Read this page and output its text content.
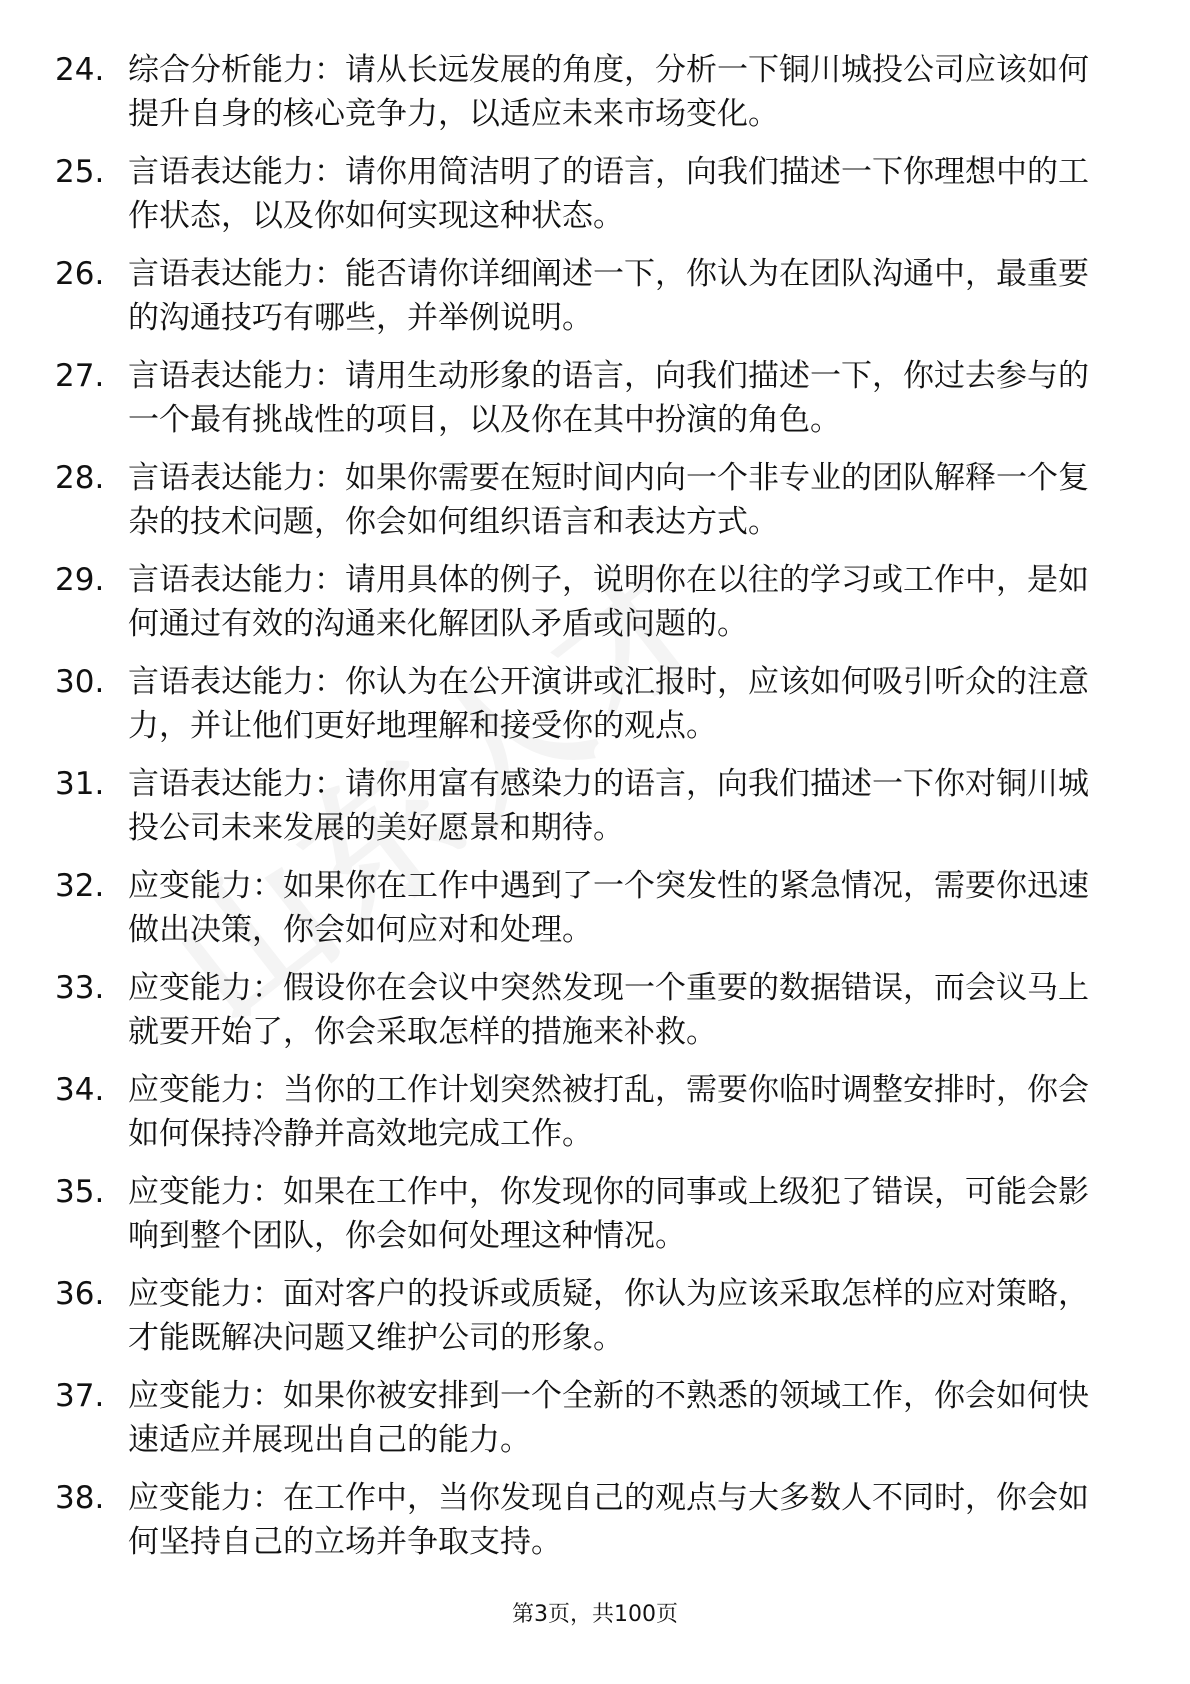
24. 综合分析能力：请从长远发展的角度，分析一下铜川城投公司应该如何提升自身的核心竞争力，以适应未来市场变化。
25. 言语表达能力：请你用简洁明了的语言，向我们描述一下你理想中的工作状态，以及你如何实现这种状态。
26. 言语表达能力：能否请你详细阐述一下，你认为在团队沟通中，最重要的沟通技巧有哪些，并举例说明。
27. 言语表达能力：请用生动形象的语言，向我们描述一下，你过去参与的一个最有挑战性的项目，以及你在其中扮演的角色。
28. 言语表达能力：如果你需要在短时间内向一个非专业的团队解释一个复杂的技术问题，你会如何组织语言和表达方式。
29. 言语表达能力：请用具体的例子，说明你在以往的学习或工作中，是如何通过有效的沟通来化解团队矛盾或问题的。
30. 言语表达能力：你认为在公开演讲或汇报时，应该如何吸引听众的注意力，并让他们更好地理解和接受你的观点。
31. 言语表达能力：请你用富有感染力的语言，向我们描述一下你对铜川城投公司未来发展的美好愿景和期待。
32. 应变能力：如果你在工作中遇到了一个突发性的紧急情况，需要你迅速做出决策，你会如何应对和处理。
33. 应变能力：假设你在会议中突然发现一个重要的数据错误，而会议马上就要开始了，你会采取怎样的措施来补救。
34. 应变能力：当你的工作计划突然被打乱，需要你临时调整安排时，你会如何保持冷静并高效地完成工作。
35. 应变能力：如果在工作中，你发现你的同事或上级犯了错误，可能会影响到整个团队，你会如何处理这种情况。
36. 应变能力：面对客户的投诉或质疑，你认为应该采取怎样的应对策略，才能既解决问题又维护公司的形象。
37. 应变能力：如果你被安排到一个全新的不熟悉的领域工作，你会如何快速适应并展现出自己的能力。
38. 应变能力：在工作中，当你发现自己的观点与大多数人不同时，你会如何坚持自己的立场并争取支持。
第3页，共100页
